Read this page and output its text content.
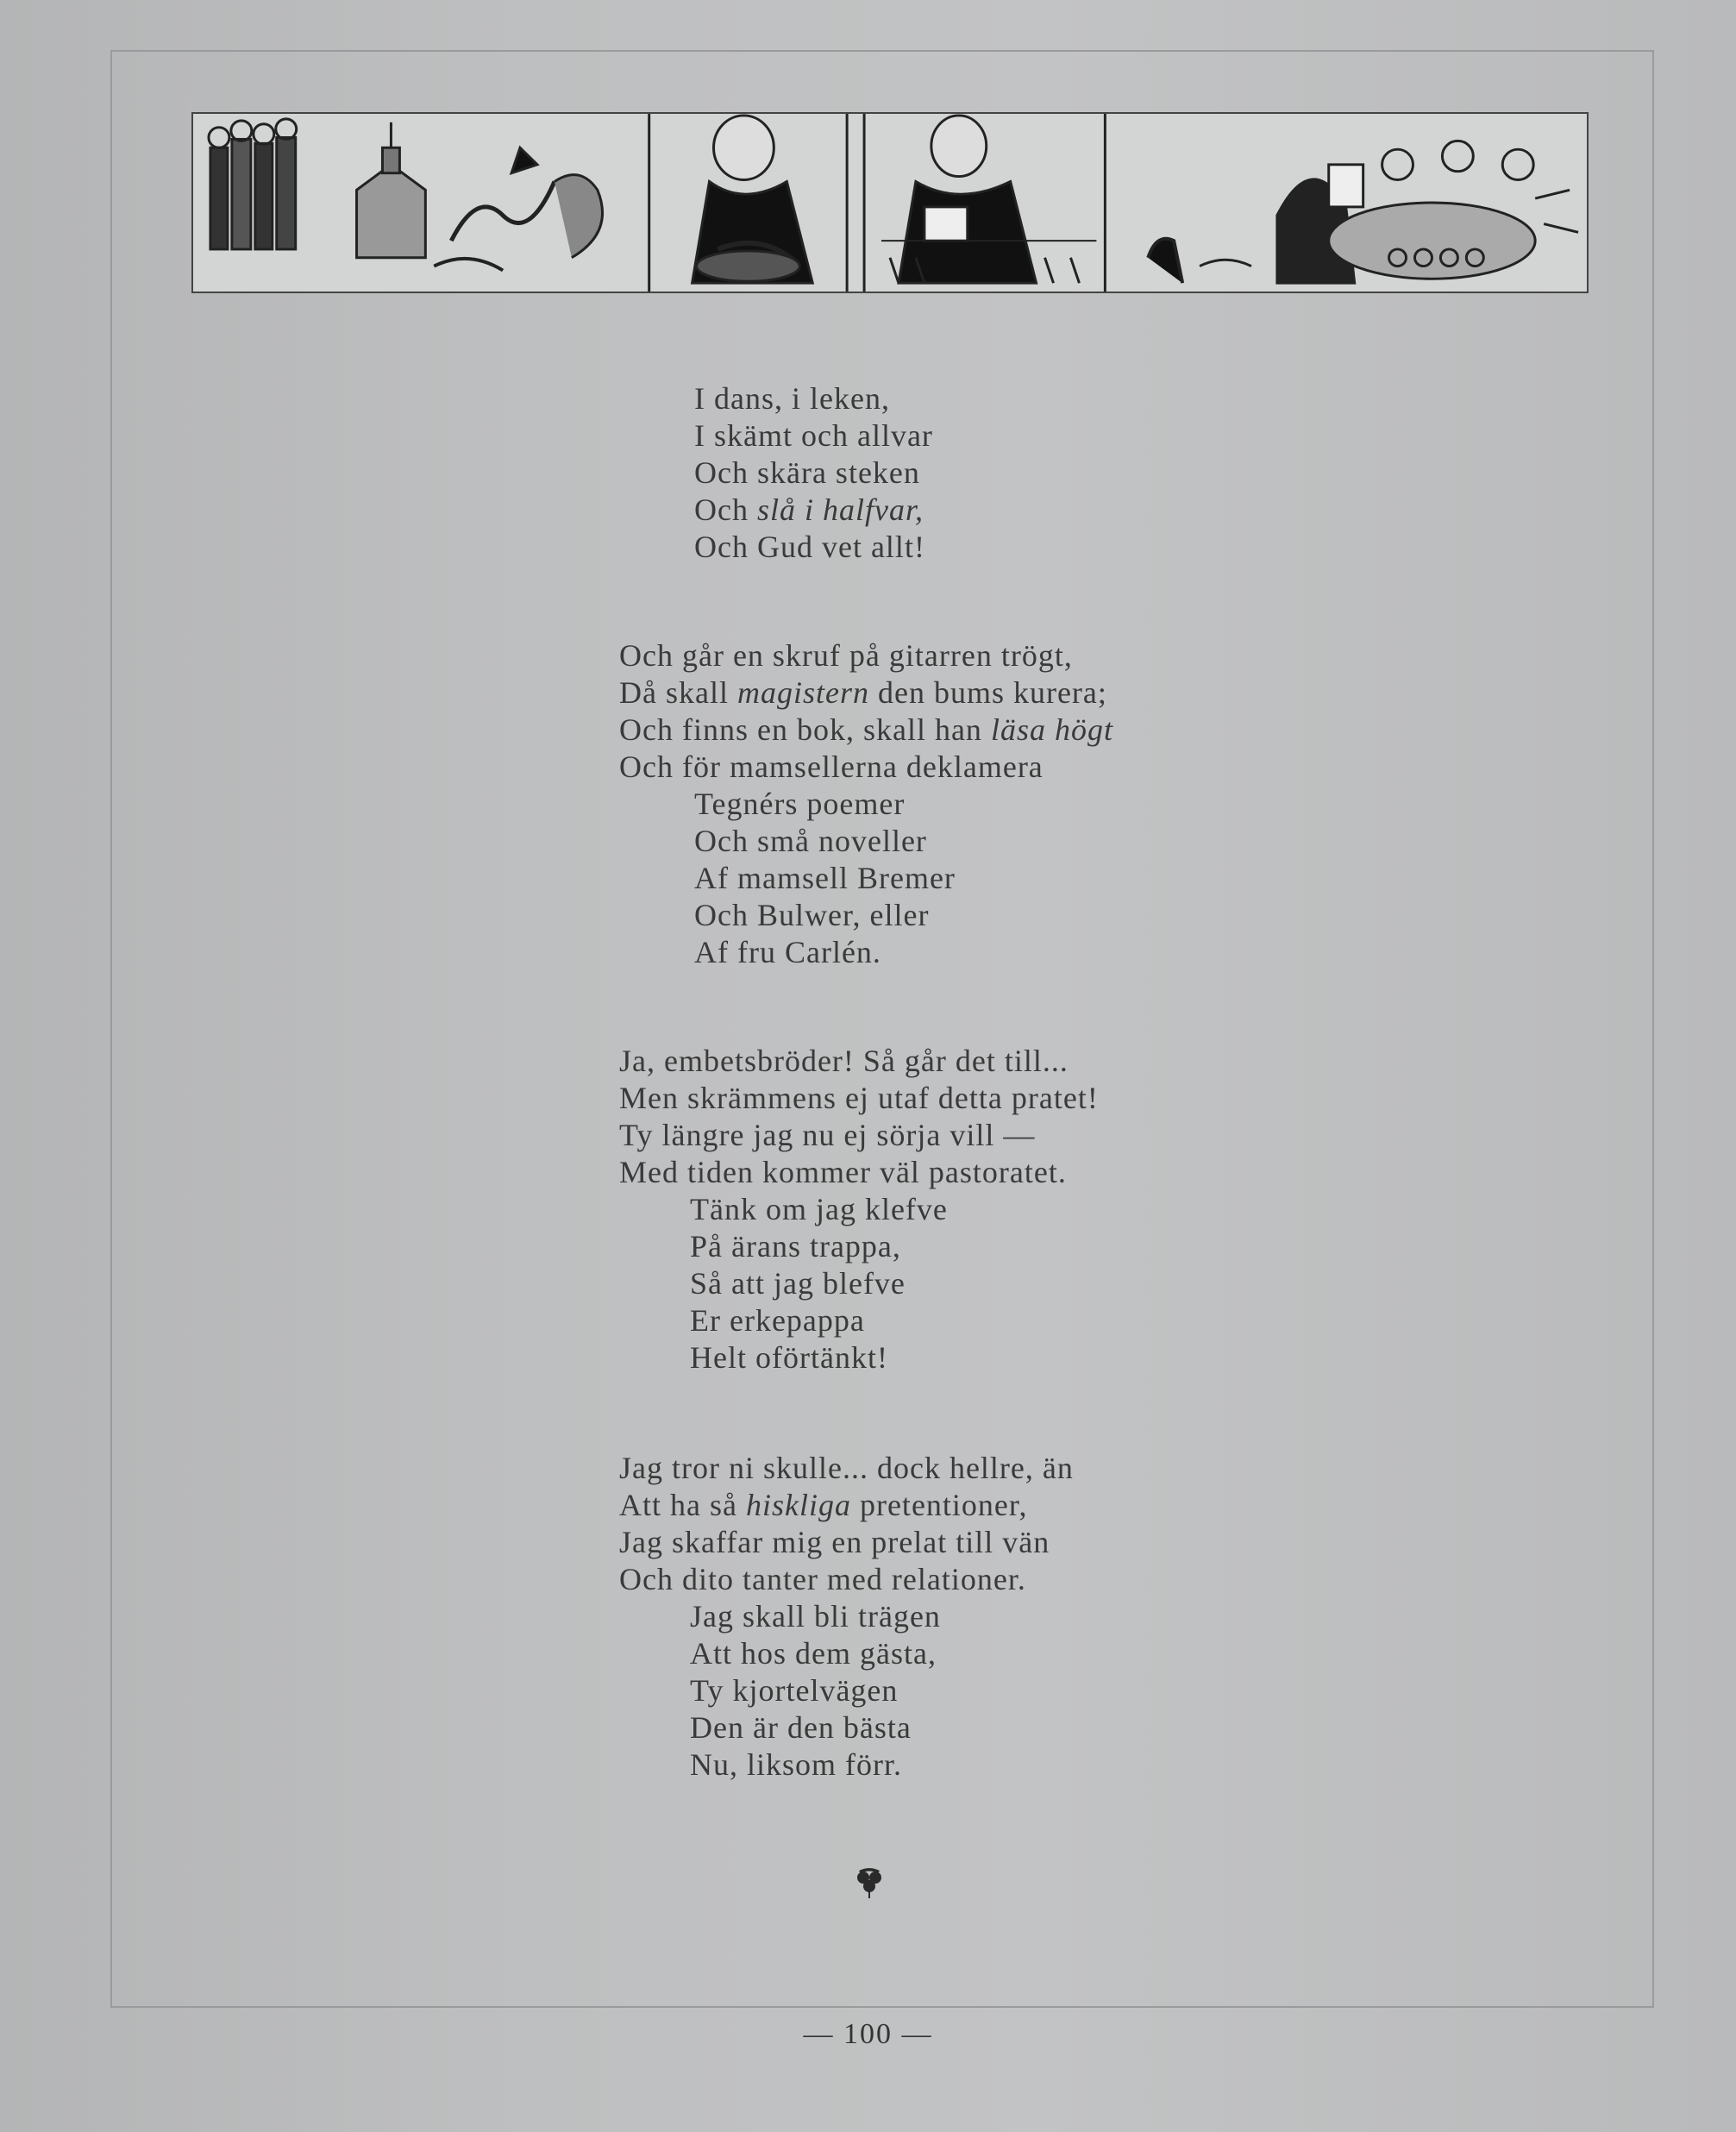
I dans, i leken,
I skämt och allvar
Och skära steken
Och slå i halfvar,
Och Gud vet allt!
Och går en skruf på gitarren trögt,
Då skall magistern den bums kurera;
Och finns en bok, skall han läsa högt
Och för mamsellerna deklamera
Tegnérs poemer
Och små noveller
Af mamsell Bremer
Och Bulwer, eller
Af fru Carlén.
Ja, embetsbröder! Så går det till...
Men skrämmens ej utaf detta pratet!
Ty längre jag nu ej sörja vill —
Med tiden kommer väl pastoratet.
Tänk om jag klefve
På ärans trappa,
Så att jag blefve
Er erkepappa
Helt oförtänkt!
Jag tror ni skulle... dock hellre, än
Att ha så hiskliga pretentioner,
Jag skaffar mig en prelat till vän
Och dito tanter med relationer.
Jag skall bli trägen
Att hos dem gästa,
Ty kjortelvägen
Den är den bästa
Nu, liksom förr.
— 100 —
